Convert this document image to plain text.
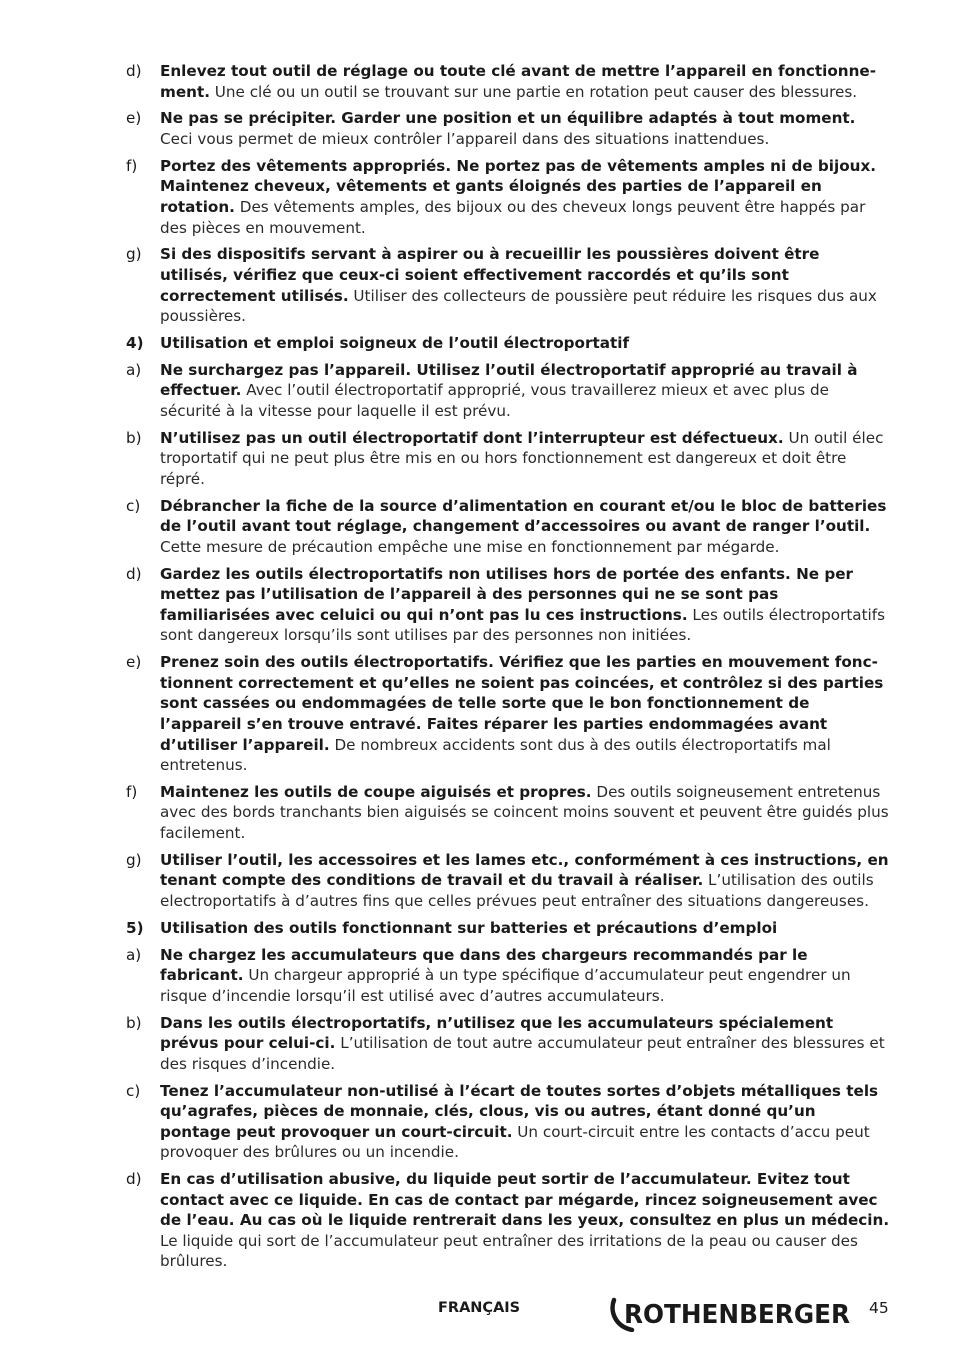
d)	Enlevez tout outil de réglage ou toute clé avant de mettre l’appareil en fonctionnement. Une clé ou un outil se trouvant sur une partie en rotation peut causer des blessures.
e)	Ne pas se précipiter. Garder une position et un équilibre adaptés à tout moment. Ceci vous permet de mieux contrôler l’appareil dans des situations inattendues.
f)	Portez des vêtements appropriés. Ne portez pas de vêtements amples ni de bijoux. Maintenez cheveux, vêtements et gants éloignés des parties de l’appareil en rotation. Des vêtements amples, des bijoux ou des cheveux longs peuvent être happés par des pièces en mouvement.
g)	Si des dispositifs servant à aspirer ou à recueillir les poussières doivent être utilisés, vérifiez que ceux-ci soient effectivement raccordés et qu’ils sont correctement utilisés. Utiliser des collecteurs de poussière peut réduire les risques dus aux poussières.
4)	Utilisation et emploi soigneux de l’outil électroportatif
a)	Ne surchargez pas l’appareil. Utilisez l’outil électroportatif approprié au travail à effectuer. Avec l’outil électroportatif approprié, vous travaillerez mieux et avec plus de sécurité à la vitesse pour laquelle il est prévu.
b)	N’utilisez pas un outil électroportatif dont l’interrupteur est défectueux. Un outil élec troportatif qui ne peut plus être mis en ou hors fonctionnement est dangereux et doit être répré.
c)	Débrancher la fiche de la source d’alimentation en courant et/ou le bloc de batteries de l’outil avant tout réglage, changement d’accessoires ou avant de ranger l’outil. Cette mesure de précaution empêche une mise en fonctionnement par mégarde.
d)	Gardez les outils électroportatifs non utilises hors de portée des enfants. Ne per mettez pas l’utilisation de l’appareil à des personnes qui ne se sont pas familiarisées avec celuici ou qui n’ont pas lu ces instructions. Les outils électroportatifs sont dangereux lorsqu’ils sont utilises par des personnes non initiées.
e)	Prenez soin des outils électroportatifs. Vérifiez que les parties en mouvement fonctionnent correctement et qu’elles ne soient pas coincées, et contrôlez si des parties sont cassées ou endommagées de telle sorte que le bon fonctionnement de l’appareil s’en trouve entravé. Faites réparer les parties endommagées avant d’utiliser l’appareil. De nombreux accidents sont dus à des outils électroportatifs mal entretenus.
f)	Maintenez les outils de coupe aiguisés et propres. Des outils soigneusement entretenus avec des bords tranchants bien aiguisés se coincent moins souvent et peuvent être guidés plus facilement.
g)	Utiliser l’outil, les accessoires et les lames etc., conformément à ces instructions, en tenant compte des conditions de travail et du travail à réaliser. L’utilisation des outils electroportatifs à d’autres fins que celles prévues peut entraîner des situations dangereuses.
5)	Utilisation des outils fonctionnant sur batteries et précautions d’emploi
a)	Ne chargez les accumulateurs que dans des chargeurs recommandés par le fabricant. Un chargeur approprié à un type spécifique d’accumulateur peut engendrer un risque d’incendie lorsqu’il est utilisé avec d’autres accumulateurs.
b)	Dans les outils électroportatifs, n’utilisez que les accumulateurs spécialement prévus pour celui-ci. L’utilisation de tout autre accumulateur peut entraîner des blessures et des risques d’incendie.
c)	Tenez l’accumulateur non-utilisé à l’écart de toutes sortes d’objets métalliques tels qu’agrafes, pièces de monnaie, clés, clous, vis ou autres, étant donné qu’un pontage peut provoquer un court-circuit. Un court-circuit entre les contacts d’accu peut provoquer des brûlures ou un incendie.
d)	En cas d’utilisation abusive, du liquide peut sortir de l’accumulateur. Evitez tout contact avec ce liquide. En cas de contact par mégarde, rincez soigneusement avec de l’eau. Au cas où le liquide rentrerait dans les yeux, consultez en plus un médecin. Le liquide qui sort de l’accumulateur peut entraîner des irritations de la peau ou causer des brûlures.
FRANÇAIS	ROTHENBERGER 45
